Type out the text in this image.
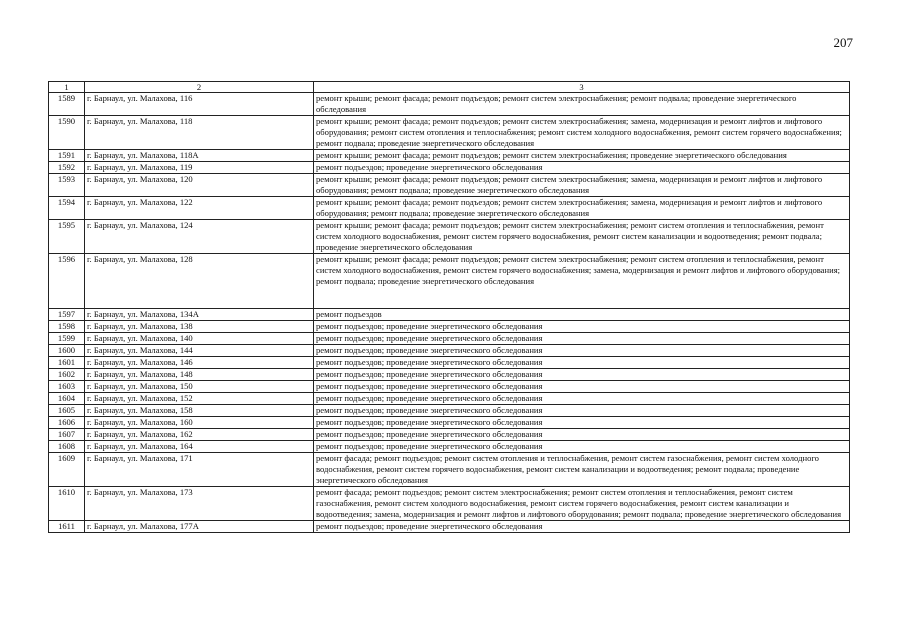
207
1	2	3
1589	г. Барнаул, ул. Малахова, 116	ремонт крыши; ремонт фасада; ремонт подъездов; ремонт систем электроснабжения; ремонт подвала; проведение энергетического обследования
1590	г. Барнаул, ул. Малахова, 118	ремонт крыши; ремонт фасада; ремонт подъездов; ремонт систем электроснабжения; замена, модернизация и ремонт лифтов и лифтового оборудования; ремонт систем отопления и теплоснабжения; ремонт систем холодного водоснабжения, ремонт систем горячего водоснабжения; ремонт подвала; проведение энергетического обследования
1591	г. Барнаул, ул. Малахова, 118А	ремонт крыши; ремонт фасада; ремонт подъездов; ремонт систем электроснабжения; проведение энергетического обследования
1592	г. Барнаул, ул. Малахова, 119	ремонт подъездов; проведение энергетического обследования
1593	г. Барнаул, ул. Малахова, 120	ремонт крыши; ремонт фасада; ремонт подъездов; ремонт систем электроснабжения; замена, модернизация и ремонт лифтов и лифтового оборудования; ремонт подвала; проведение энергетического обследования
1594	г. Барнаул, ул. Малахова, 122	ремонт крыши; ремонт фасада; ремонт подъездов; ремонт систем электроснабжения; замена, модернизация и ремонт лифтов и лифтового оборудования; ремонт подвала; проведение энергетического обследования
1595	г. Барнаул, ул. Малахова, 124	ремонт крыши; ремонт фасада; ремонт подъездов; ремонт систем электроснабжения; ремонт систем отопления и теплоснабжения, ремонт систем холодного водоснабжения, ремонт систем горячего водоснабжения, ремонт систем канализации и водоотведения; ремонт подвала; проведение энергетического обследования
1596	г. Барнаул, ул. Малахова, 128	ремонт крыши; ремонт фасада; ремонт подъездов; ремонт систем электроснабжения; ремонт систем отопления и теплоснабжения, ремонт систем холодного водоснабжения, ремонт систем горячего водоснабжения; замена, модернизация и ремонт лифтов и лифтового оборудования; ремонт подвала; проведение энергетического обследования
1597	г. Барнаул, ул. Малахова, 134А	ремонт подъездов
1598	г. Барнаул, ул. Малахова, 138	ремонт подъездов; проведение энергетического обследования
1599	г. Барнаул, ул. Малахова, 140	ремонт подъездов; проведение энергетического обследования
1600	г. Барнаул, ул. Малахова, 144	ремонт подъездов; проведение энергетического обследования
1601	г. Барнаул, ул. Малахова, 146	ремонт подъездов; проведение энергетического обследования
1602	г. Барнаул, ул. Малахова, 148	ремонт подъездов; проведение энергетического обследования
1603	г. Барнаул, ул. Малахова, 150	ремонт подъездов; проведение энергетического обследования
1604	г. Барнаул, ул. Малахова, 152	ремонт подъездов; проведение энергетического обследования
1605	г. Барнаул, ул. Малахова, 158	ремонт подъездов; проведение энергетического обследования
1606	г. Барнаул, ул. Малахова, 160	ремонт подъездов; проведение энергетического обследования
1607	г. Барнаул, ул. Малахова, 162	ремонт подъездов; проведение энергетического обследования
1608	г. Барнаул, ул. Малахова, 164	ремонт подъездов; проведение энергетического обследования
1609	г. Барнаул, ул. Малахова, 171	ремонт фасада; ремонт подъездов; ремонт систем отопления и теплоснабжения, ремонт систем газоснабжения, ремонт систем холодного водоснабжения, ремонт систем горячего водоснабжения, ремонт систем канализации и водоотведения; ремонт подвала; проведение энергетического обследования
1610	г. Барнаул, ул. Малахова, 173	ремонт фасада; ремонт подъездов; ремонт систем электроснабжения; ремонт систем отопления и теплоснабжения, ремонт систем газоснабжения, ремонт систем холодного водоснабжения, ремонт систем горячего водоснабжения, ремонт систем канализации и водоотведения; замена, модернизация и ремонт лифтов и лифтового оборудования; ремонт подвала; проведение энергетического обследования
1611	г. Барнаул, ул. Малахова, 177А	ремонт подъездов; проведение энергетического обследования
